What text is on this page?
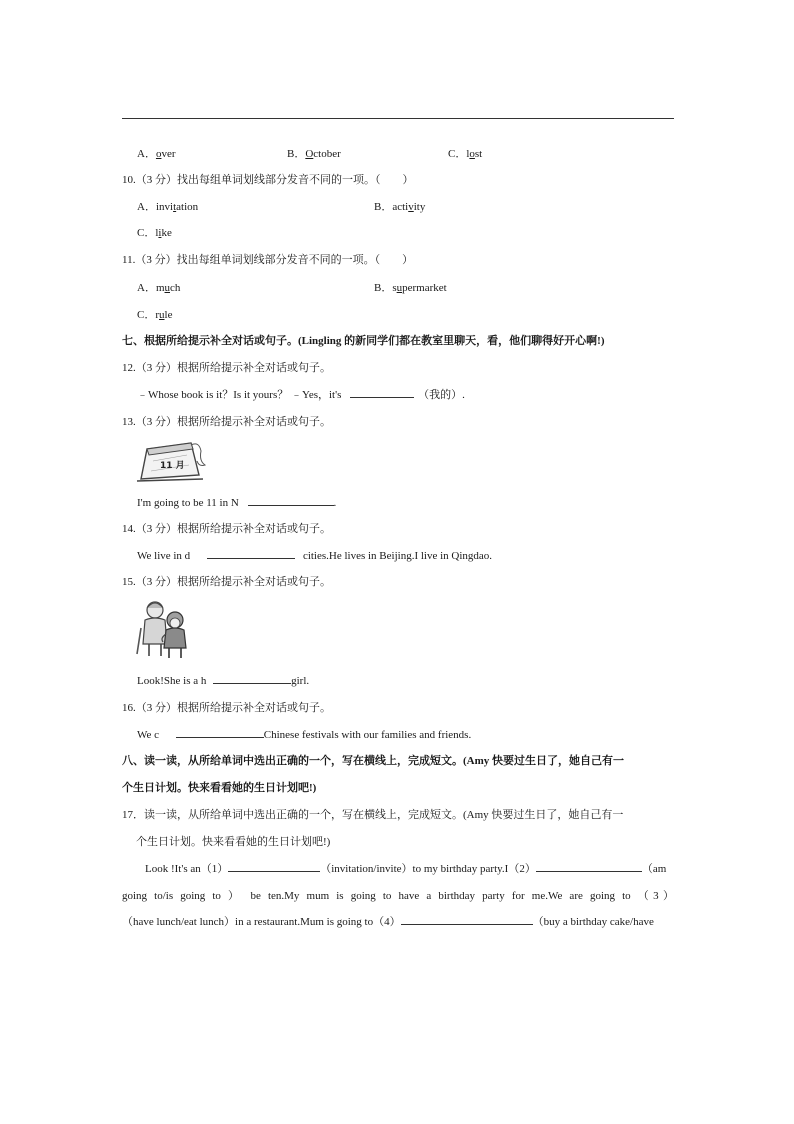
A．over	B．October	C．lost
10.（3 分）找出每组单词划线部分发音不同的一项。（　　）
A．invitation	B．activity
C．like
11.（3 分）找出每组单词划线部分发音不同的一项。（　　）
A．much	B．supermarket
C．rule
七、根据所给提示补全对话或句子。(Lingling 的新同学们都在教室里聊天，看，他们聊得好开心啊!)
12.（3 分）根据所给提示补全对话或句子。
﹣Whose book is it？Is it yours？ ﹣Yes，it's	（我的）.
13.（3 分）根据所给提示补全对话或句子。
11 月
I'm going to be 11 in N	.
14.（3 分）根据所给提示补全对话或句子。
We live in d	cities.He lives in Beijing.I live in Qingdao.
15.（3 分）根据所给提示补全对话或句子。
Look!She is a h	girl.
16.（3 分）根据所给提示补全对话或句子。
We c	Chinese festivals with our families and friends.
八、读一读，从所给单词中选出正确的一个，写在横线上，完成短文。(Amy 快要过生日了，她自己有一
个生日计划。快来看看她的生日计划吧!)
17．读一读，从所给单词中选出正确的一个，写在横线上，完成短文。(Amy 快要过生日了，她自己有一
个生日计划。快来看看她的生日计划吧!)
Look !It's an（1）	（invitation/invite）to my birthday party.I（2）	（am
going to/is going to ） be ten.My mum is going to have a birthday party for me.We are going to （3）
（have lunch/eat lunch）in a restaurant.Mum is going to（4）	（buy a birthday cake/have
